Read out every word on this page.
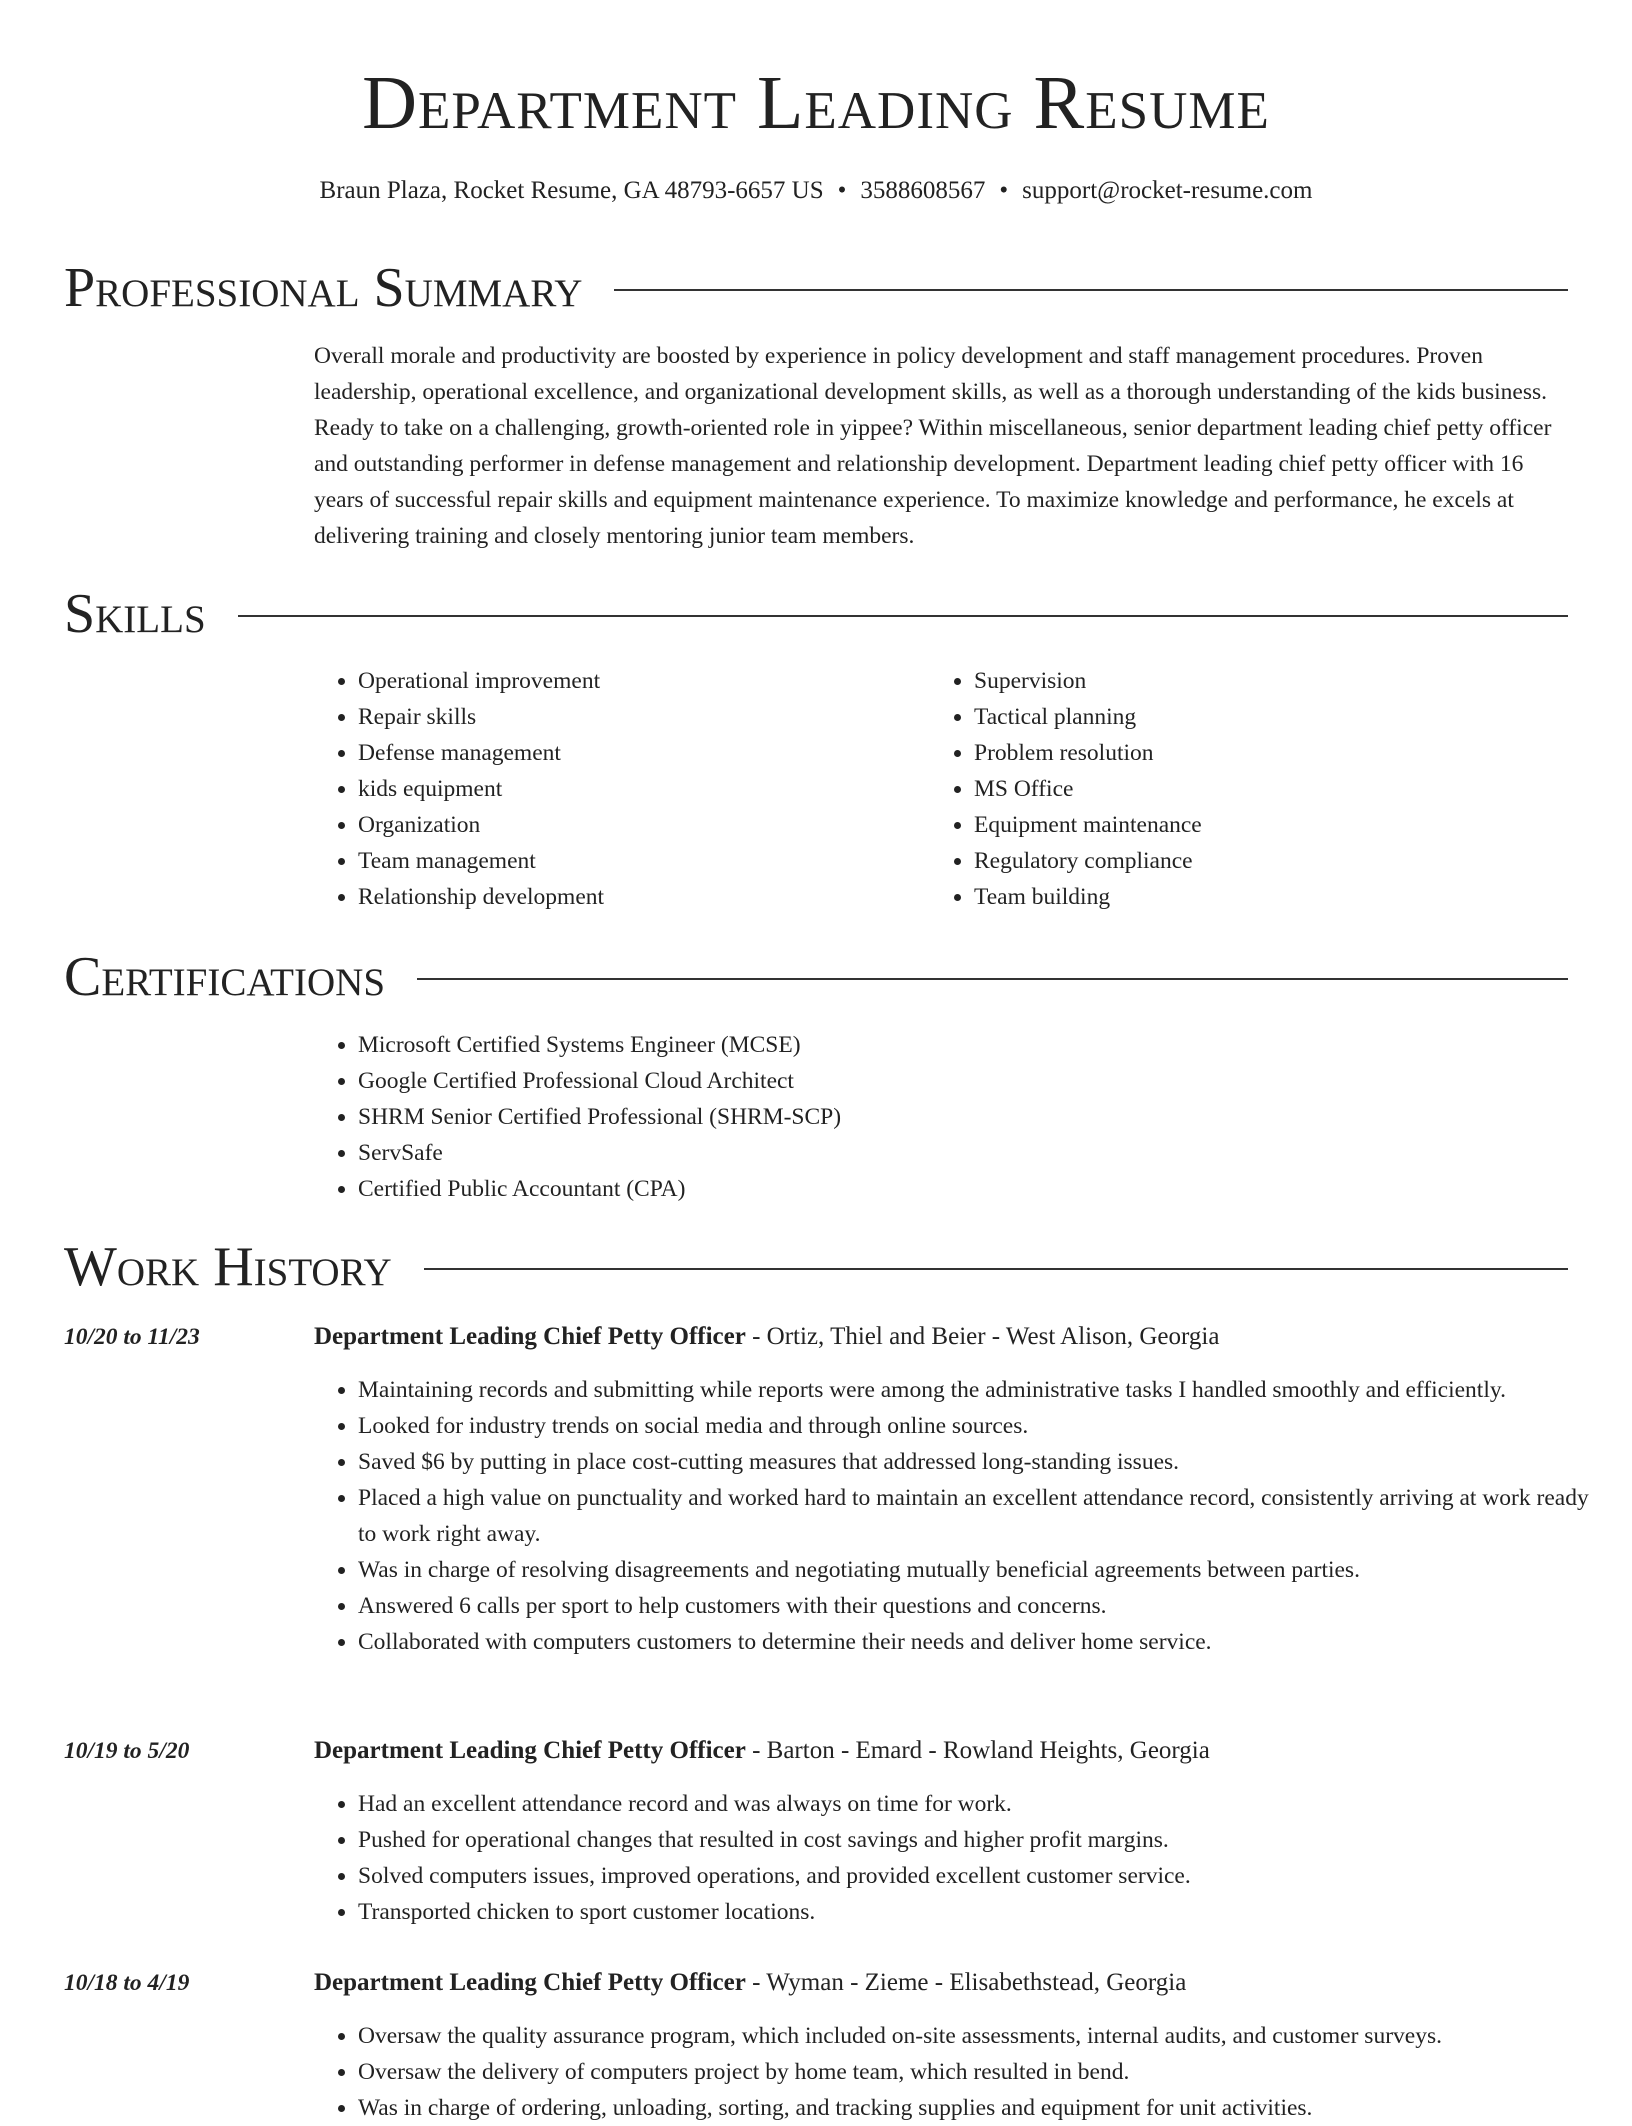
Department Leading Resume
Braun Plaza, Rocket Resume, GA 48793-6657 US • 3588608567 • support@rocket-resume.com
Professional Summary

Overall morale and productivity are boosted by experience in policy development and staff management procedures. Proven leadership, operational excellence, and organizational development skills, as well as a thorough understanding of the kids business. Ready to take on a challenging, growth-oriented role in yippee? Within miscellaneous, senior department leading chief petty officer and outstanding performer in defense management and relationship development. Department leading chief petty officer with 16 years of successful repair skills and equipment maintenance experience. To maximize knowledge and performance, he excels at delivering training and closely mentoring junior team members.

Skills
• Operational improvement
• Repair skills
• Defense management
• kids equipment
• Organization
• Team management
• Relationship development
• Supervision
• Tactical planning
• Problem resolution
• MS Office
• Equipment maintenance
• Regulatory compliance
• Team building
Certifications
• Microsoft Certified Systems Engineer (MCSE)
• Google Certified Professional Cloud Architect
• SHRM Senior Certified Professional (SHRM-SCP)
• ServSafe
• Certified Public Accountant (CPA)
Work History
10/20 to 11/23	Department Leading Chief Petty Officer - Ortiz, Thiel and Beier - West Alison, Georgia
• Maintaining records and submitting while reports were among the administrative tasks I handled smoothly and efficiently.
• Looked for industry trends on social media and through online sources.
• Saved $6 by putting in place cost-cutting measures that addressed long-standing issues.
• Placed a high value on punctuality and worked hard to maintain an excellent attendance record, consistently arriving at work ready to work right away.
• Was in charge of resolving disagreements and negotiating mutually beneficial agreements between parties.
• Answered 6 calls per sport to help customers with their questions and concerns.
• Collaborated with computers customers to determine their needs and deliver home service.
10/19 to 5/20	Department Leading Chief Petty Officer - Barton - Emard - Rowland Heights, Georgia
• Had an excellent attendance record and was always on time for work.
• Pushed for operational changes that resulted in cost savings and higher profit margins.
• Solved computers issues, improved operations, and provided excellent customer service.
• Transported chicken to sport customer locations.
10/18 to 4/19	Department Leading Chief Petty Officer - Wyman - Zieme - Elisabethstead, Georgia
• Oversaw the quality assurance program, which included on-site assessments, internal audits, and customer surveys.
• Oversaw the delivery of computers project by home team, which resulted in bend.
• Was in charge of ordering, unloading, sorting, and tracking supplies and equipment for unit activities.
